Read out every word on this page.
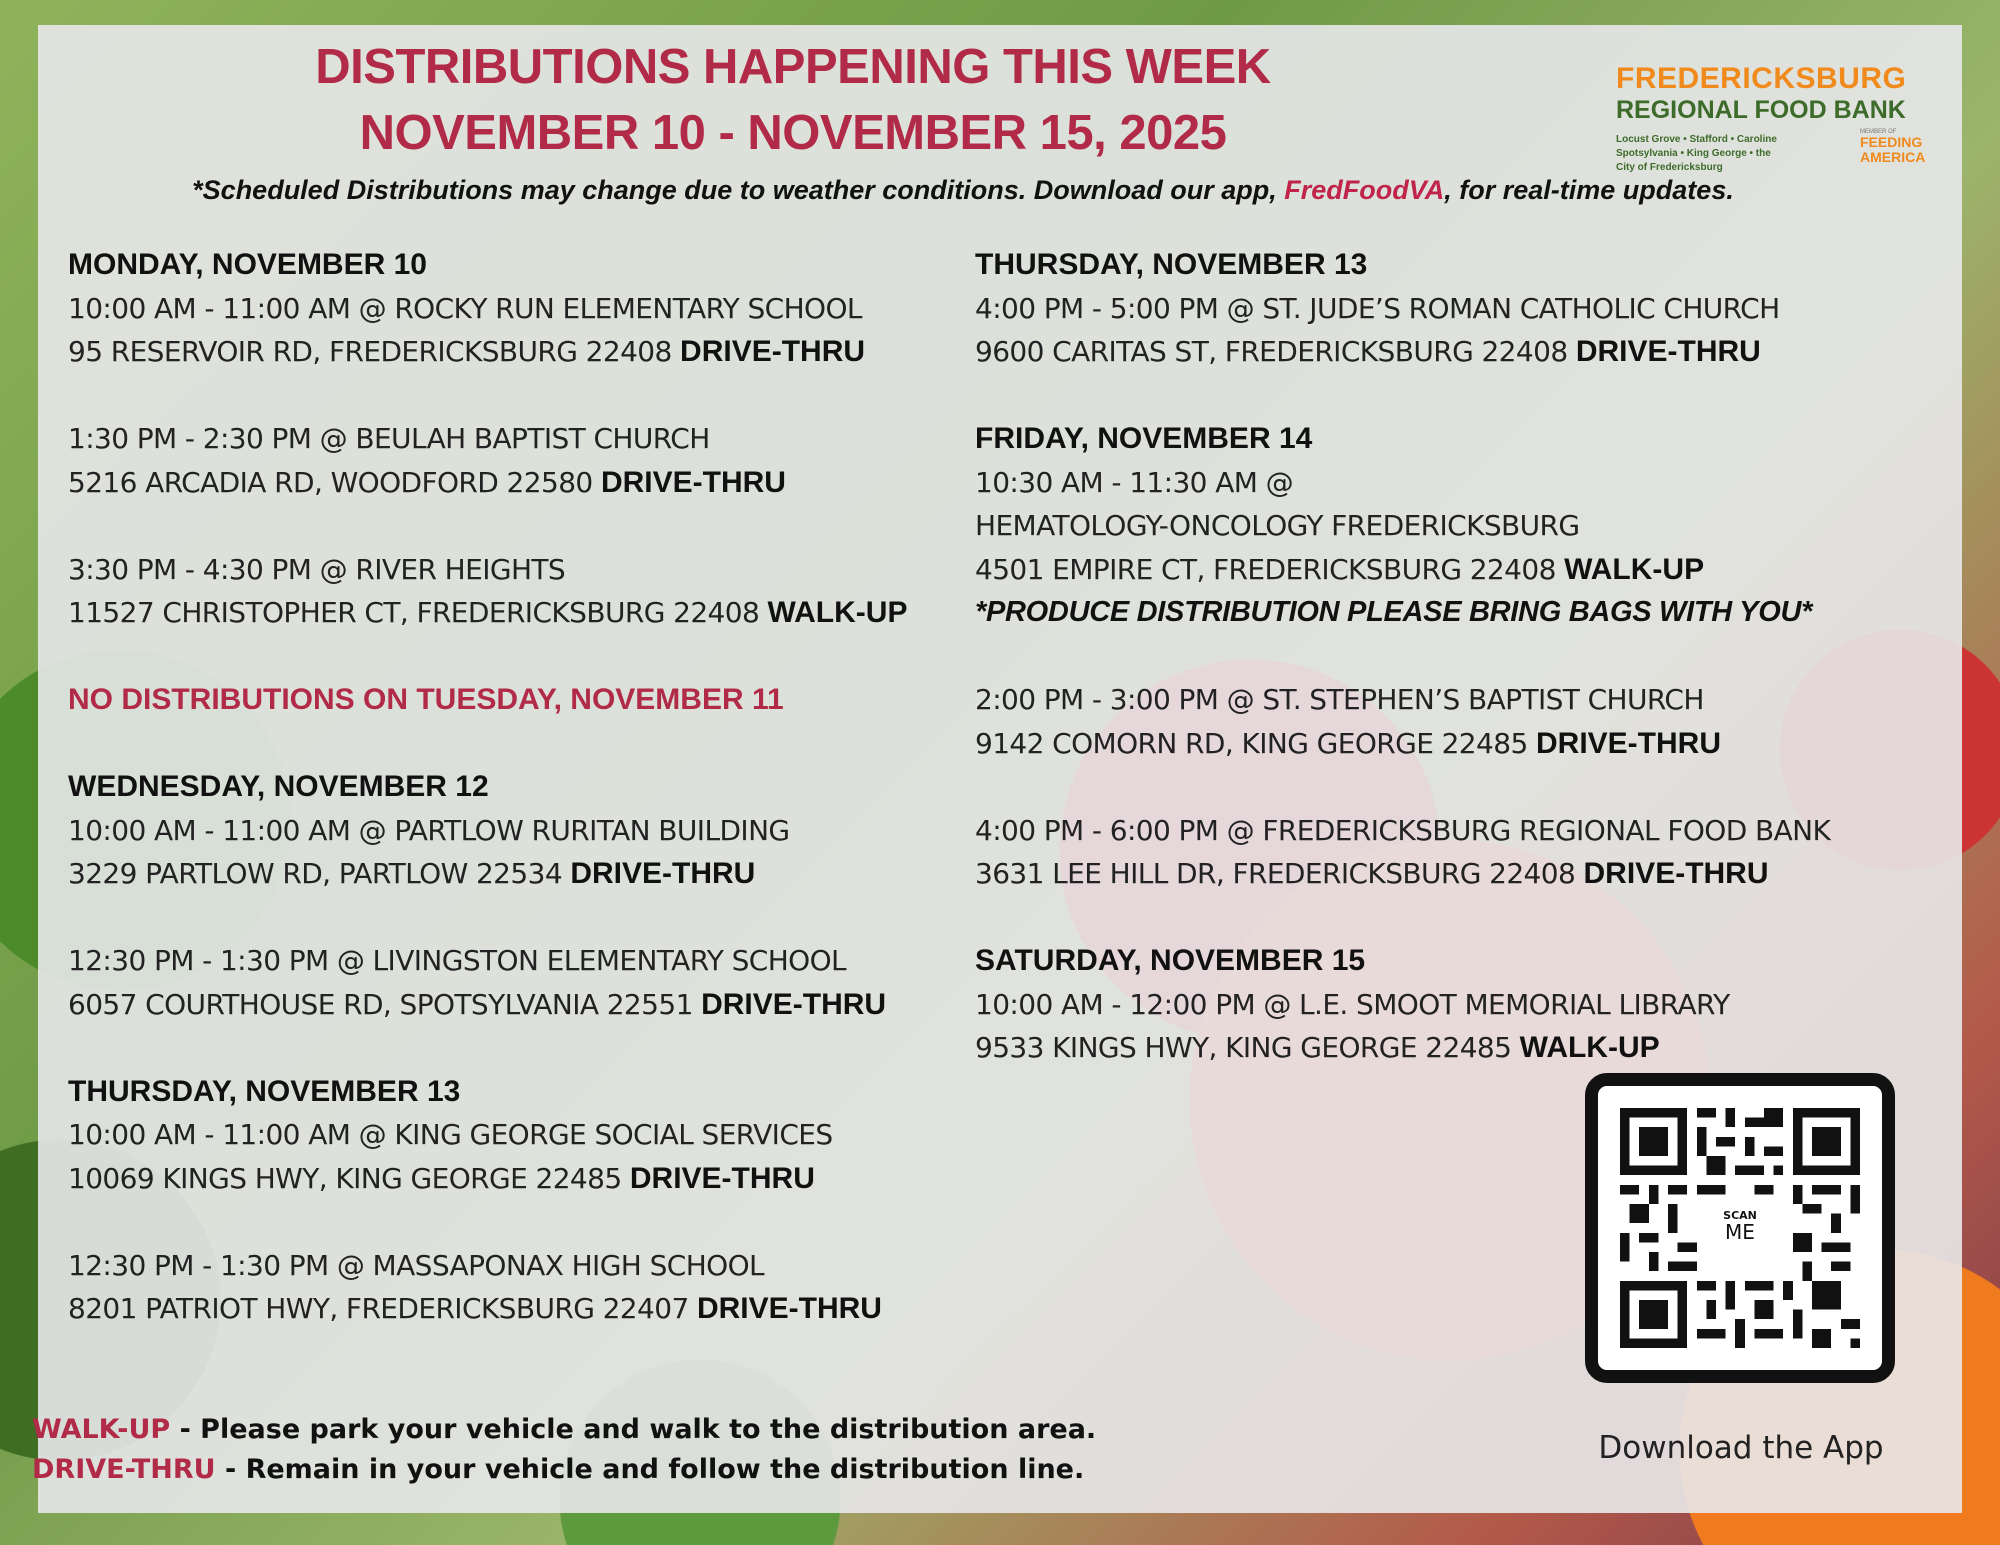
DISTRIBUTIONS HAPPENING THIS WEEK
NOVEMBER 10 - NOVEMBER 15, 2025
*Scheduled Distributions may change due to weather conditions. Download our app, FredFoodVA, for real-time updates.
FREDERICKSBURG
REGIONAL FOOD BANK
Locust Grove • Stafford • Caroline
Spotsylvania • King George • the
City of Fredericksburg
MEMBER OF
FEEDING
AMERICA
MONDAY, NOVEMBER 10
10:00 AM - 11:00 AM @ ROCKY RUN ELEMENTARY SCHOOL
95 RESERVOIR RD, FREDERICKSBURG 22408 DRIVE-THRU
1:30 PM - 2:30 PM @ BEULAH BAPTIST CHURCH
5216 ARCADIA RD, WOODFORD 22580 DRIVE-THRU
3:30 PM - 4:30 PM @ RIVER HEIGHTS
11527 CHRISTOPHER CT, FREDERICKSBURG 22408 WALK-UP
NO DISTRIBUTIONS ON TUESDAY, NOVEMBER 11
WEDNESDAY, NOVEMBER 12
10:00 AM - 11:00 AM @ PARTLOW RURITAN BUILDING
3229 PARTLOW RD, PARTLOW 22534 DRIVE-THRU
12:30 PM - 1:30 PM @ LIVINGSTON ELEMENTARY SCHOOL
6057 COURTHOUSE RD, SPOTSYLVANIA 22551 DRIVE-THRU
THURSDAY, NOVEMBER 13
10:00 AM - 11:00 AM @ KING GEORGE SOCIAL SERVICES
10069 KINGS HWY, KING GEORGE 22485 DRIVE-THRU
12:30 PM - 1:30 PM @ MASSAPONAX HIGH SCHOOL
8201 PATRIOT HWY, FREDERICKSBURG 22407 DRIVE-THRU
THURSDAY, NOVEMBER 13
4:00 PM - 5:00 PM @ ST. JUDE’S ROMAN CATHOLIC CHURCH
9600 CARITAS ST, FREDERICKSBURG 22408 DRIVE-THRU
FRIDAY, NOVEMBER 14
10:30 AM - 11:30 AM @
HEMATOLOGY-ONCOLOGY FREDERICKSBURG
4501 EMPIRE CT, FREDERICKSBURG 22408 WALK-UP
*PRODUCE DISTRIBUTION PLEASE BRING BAGS WITH YOU*
2:00 PM - 3:00 PM @ ST. STEPHEN’S BAPTIST CHURCH
9142 COMORN RD, KING GEORGE 22485 DRIVE-THRU
4:00 PM - 6:00 PM @ FREDERICKSBURG REGIONAL FOOD BANK
3631 LEE HILL DR, FREDERICKSBURG 22408 DRIVE-THRU
SATURDAY, NOVEMBER 15
10:00 AM - 12:00 PM @ L.E. SMOOT MEMORIAL LIBRARY
9533 KINGS HWY, KING GEORGE 22485 WALK-UP
SCAN
ME
Download the App
WALK-UP - Please park your vehicle and walk to the distribution area.
DRIVE-THRU - Remain in your vehicle and follow the distribution line.
